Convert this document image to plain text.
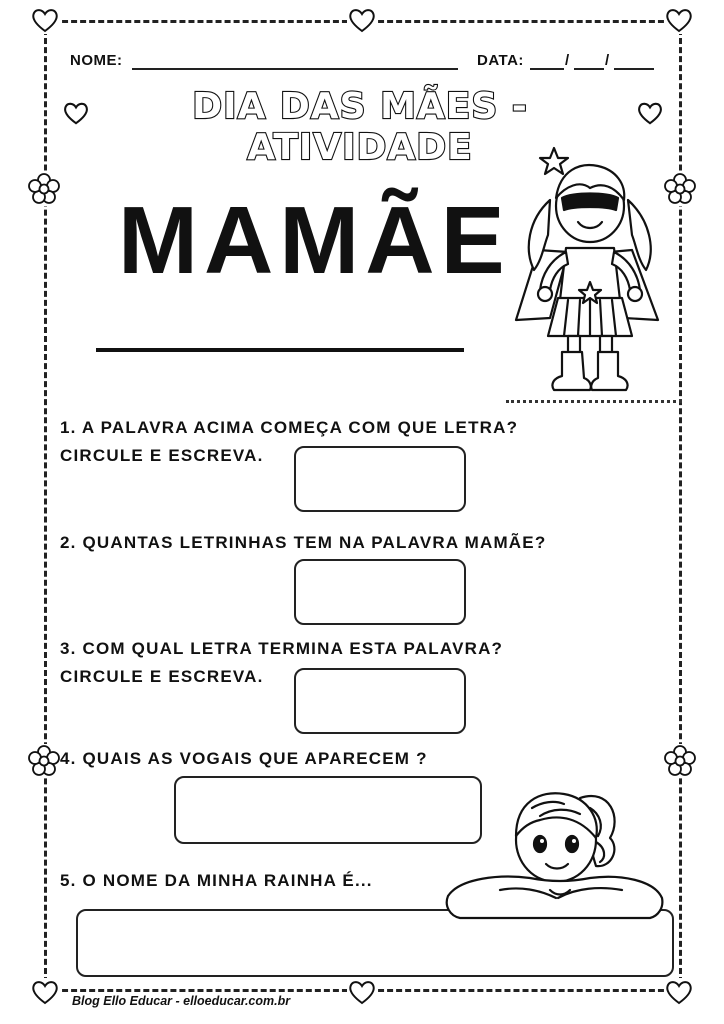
NOME:	DATA:	/ /
DIA DAS MÃES - ATIVIDADE
MAMÃE
1. A PALAVRA ACIMA COMEÇA COM QUE LETRA?
CIRCULE E ESCREVA.
2. QUANTAS LETRINHAS TEM NA PALAVRA MAMÃE?
3. COM QUAL LETRA TERMINA ESTA PALAVRA?
CIRCULE E ESCREVA.
4. QUAIS AS VOGAIS QUE APARECEM ?
5. O NOME DA MINHA RAINHA É...
Blog Ello Educar - elloeducar.com.br
